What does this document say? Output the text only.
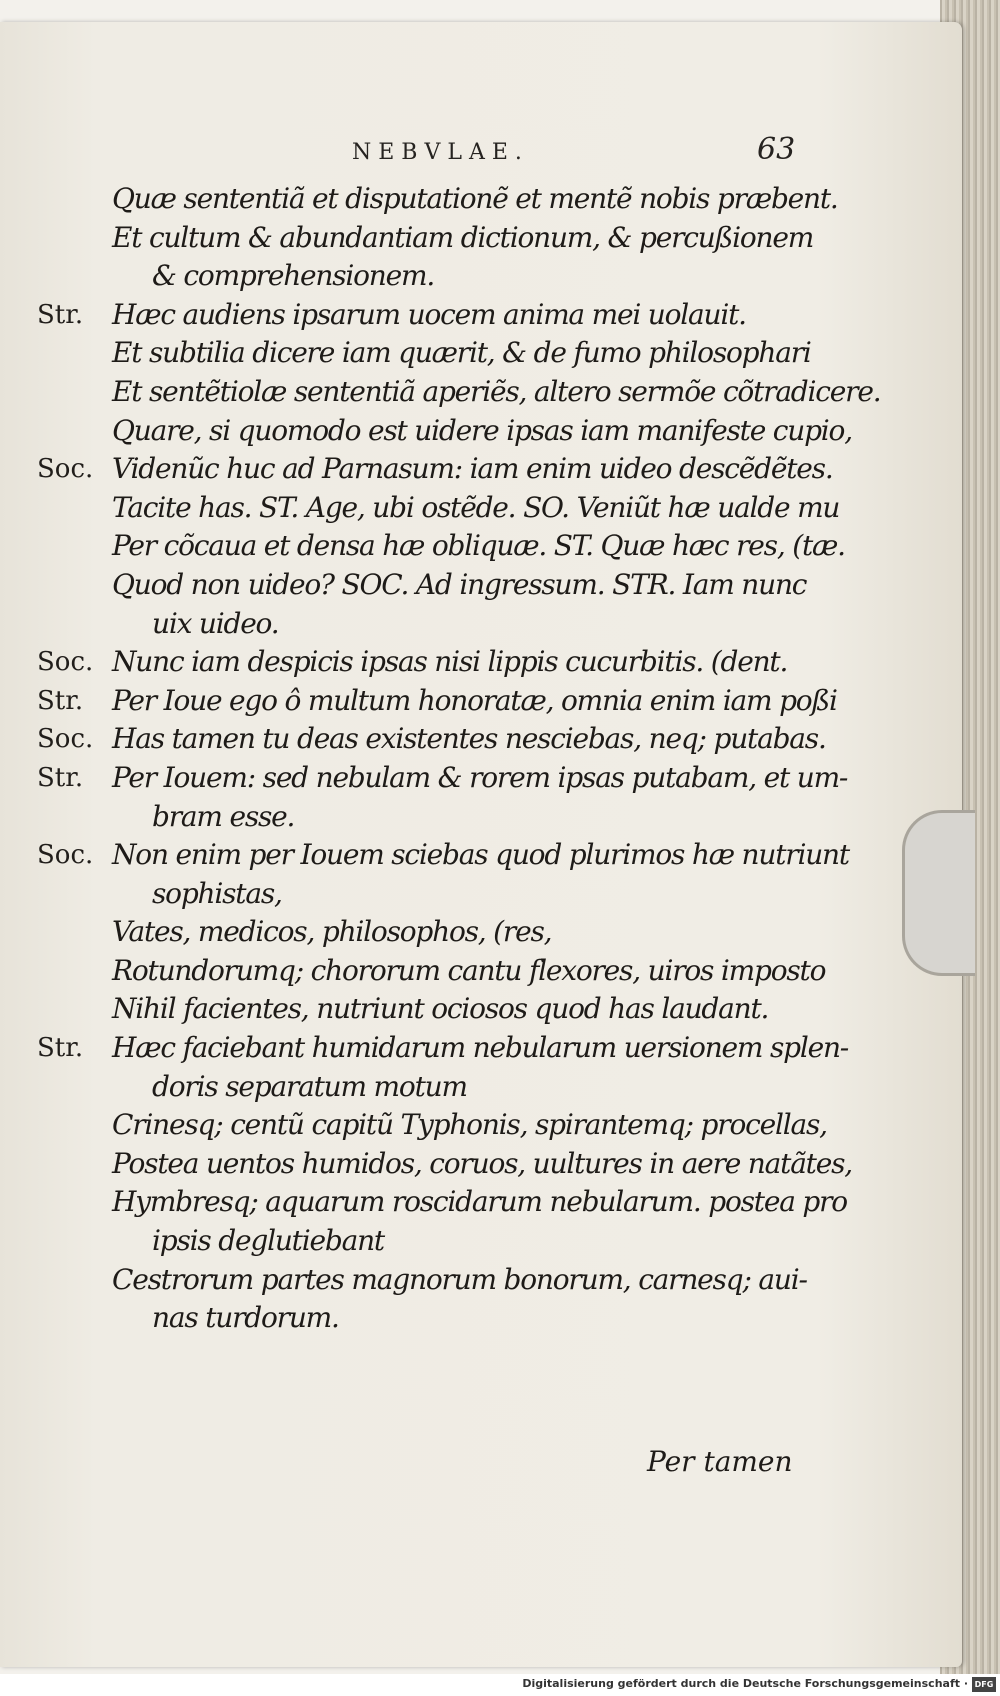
NEBVLAE.	63
Quæ sententiã et disputationẽ et mentẽ nobis præbent.
Et cultum & abundantiam dictionum, & percußionem
& comprehensionem.
Str. Hæc audiens ipsarum uocem anima mei uolauit.
Et subtilia dicere iam quærit, & de fumo philosophari
Et sentẽtiolæ sententiã aperiẽs, altero sermõe cõtradicere.
Quare, si quomodo est uidere ipsas iam manifeste cupio,
Soc. Videnũc huc ad Parnasum: iam enim uideo descẽdẽtes.
Tacite has. ST. Age, ubi ostẽde. SO. Veniũt hæ ualde mu
Per cõcaua et densa hæ obliquæ. ST. Quæ hæc res, (tæ.
Quod non uideo? SOC. Ad ingressum. STR. Iam nunc
uix uideo.
Soc. Nunc iam despicis ipsas nisi lippis cucurbitis. (dent.
Str. Per Ioue ego ô multum honoratæ, omnia enim iam poßi
Soc. Has tamen tu deas existentes nesciebas, neq; putabas.
Str. Per Iouem: sed nebulam & rorem ipsas putabam, et um-
bram esse.
Soc. Non enim per Iouem sciebas quod plurimos hæ nutriunt
sophistas,
Vates, medicos, philosophos, (res,
Rotundorumq; chororum cantu flexores, uiros imposto
Nihil facientes, nutriunt ociosos quod has laudant.
Str. Hæc faciebant humidarum nebularum uersionem splen-
doris separatum motum
Crinesq; centũ capitũ Typhonis, spirantemq; procellas,
Postea uentos humidos, coruos, uultures in aere natãtes,
Hymbresq; aquarum roscidarum nebularum. postea pro
ipsis deglutiebant
Cestrorum partes magnorum bonorum, carnesq; aui-
nas turdorum.
Per tamen
Digitalisierung gefördert durch die Deutsche Forschungsgemeinschaft · DFG
